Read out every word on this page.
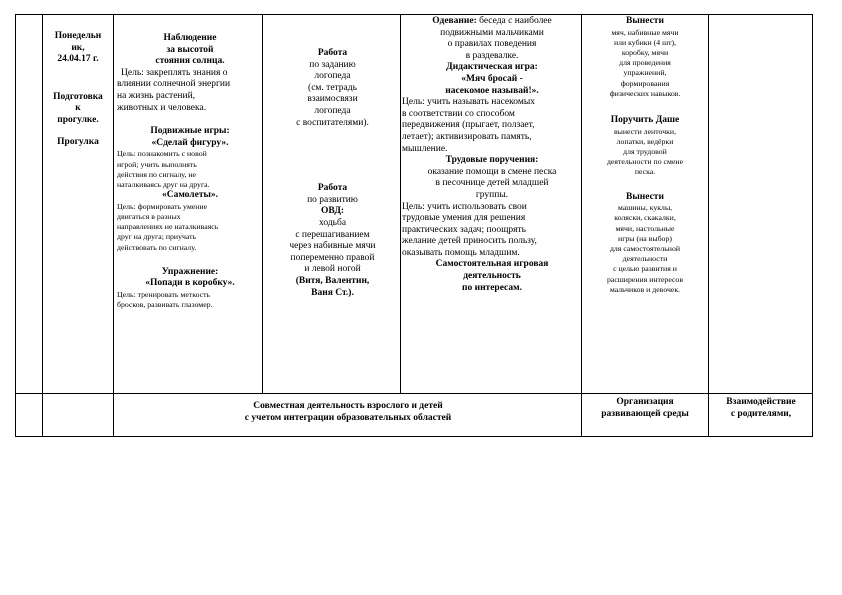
Понедельн
ик,
24.04.17 г.
Подготовка
к
прогулке.
Прогулка
Наблюдение
за высотой
стояния солнца.
Цель: закреплять знания о
влиянии солнечной энергии
на жизнь растений,
животных и человека.
Подвижные игры:
«Сделай фигуру».
Цель: познакомить с новой
игрой; учить выполнять
действия по сигналу, не
наталкиваясь друг на друга.
«Самолеты».
Цель: формировать умение
двигаться в разных
направлениях не наталкиваясь
друг на друга; приучать
действовать по сигналу.
Упражнение:
«Попади в коробку».
Цель: тренировать меткость
бросков, развивать глазомер.
Работа
по заданию
логопеда
(см. тетрадь
взаимосвязи
логопеда
с воспитателями).
Работа
по развитию
ОВД:
ходьба
с перешагиванием
через набивные мячи
попеременно правой
и левой ногой
(Витя, Валентин,
Ваня Ст.).
Одевание: беседа с наиболее
подвижными мальчиками
о правилах поведения
в раздевалке.
Дидактическая игра:
«Мяч бросай -
насекомое называй!».
Цель: учить называть насекомых
в соответствии со способом
передвижения (прыгает, ползает,
летает); активизировать память,
мышление.
Трудовые поручения:
оказание помощи в смене песка
в песочнице детей младшей
группы.
Цель: учить использовать свои
трудовые умения для решения
практических задач; поощрять
желание детей приносить пользу,
оказывать помощь младшим.
Самостоятельная игровая
деятельность
по интересам.
Вынести
мяч, набивные мячи
или кубики (4 шт),
коробку, мячи
для проведения
упражнений,
формирования
физических навыков.
Поручить Даше
вынести ленточки,
лопатки, ведёрки
для трудовой
деятельности по смене
песка.
Вынести
машины, куклы,
коляски, скакалки,
мячи, настольные
игры (на выбор)
для самостоятельной
деятельности
с целью развития и
расширения интересов
мальчиков и девочек.
Совместная деятельность взрослого и детей
с учетом интеграции образовательных областей
Организация
развивающей среды
Взаимодействие
с родителями,
